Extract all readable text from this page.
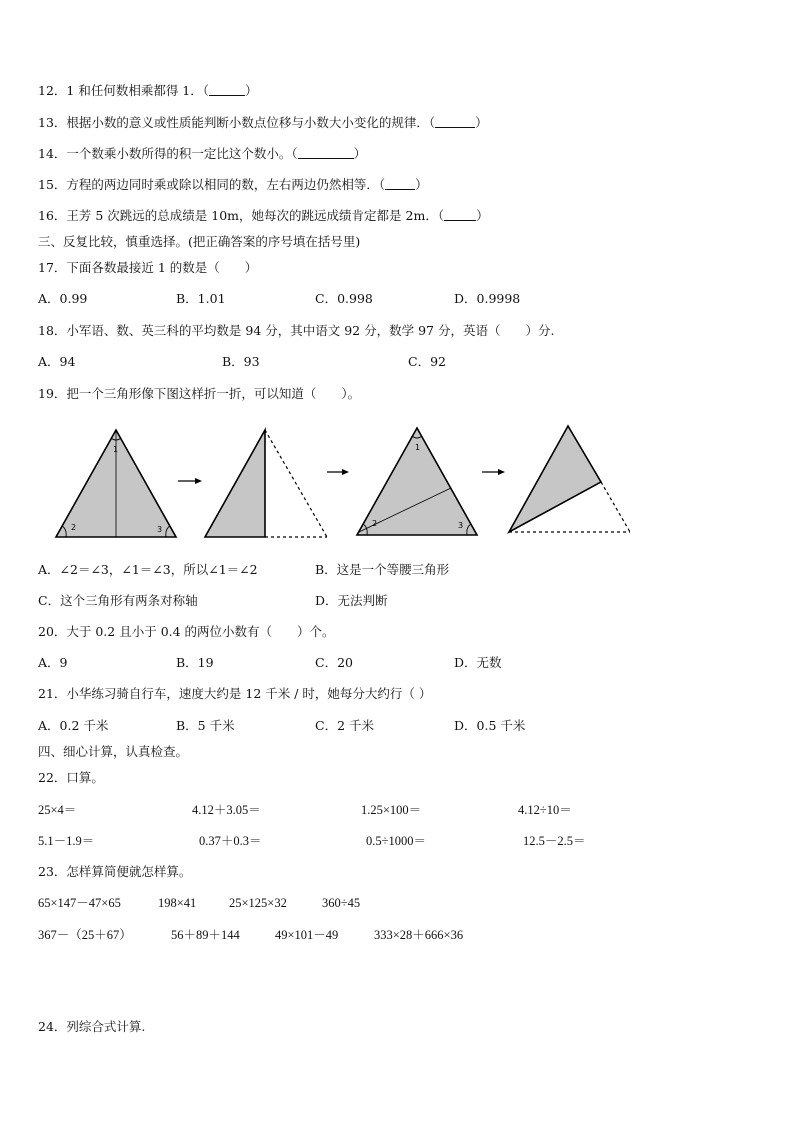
12．1 和任何数相乘都得 1．（	）
13．根据小数的意义或性质能判断小数点位移与小数大小变化的规律．（	）
14．一个数乘小数所得的积一定比这个数小。（	）
15．方程的两边同时乘或除以相同的数，左右两边仍然相等．（ ）
16．王芳 5 次跳远的总成绩是 10m，她每次的跳远成绩肯定都是 2m．（	）
三、反复比较，慎重选择。(把正确答案的序号填在括号里)
17．下面各数最接近 1 的数是（　　）
A．0.99	B．1.01	C．0.998	D．0.9998
18．小军语、数、英三科的平均数是 94 分，其中语文 92 分，数学 97 分，英语（　　）分.
A．94	B．93	C．92
19．把一个三角形像下图这样折一折，可以知道（　　）。
1
2	3
1
2	3
A．∠2＝∠3，∠1＝∠3，所以∠1＝∠2	B．这是一个等腰三角形
C．这个三角形有两条对称轴	D．无法判断
20．大于 0.2 且小于 0.4 的两位小数有（　　）个。
A．9	B．19	C．20	D．无数
21．小华练习骑自行车，速度大约是 12 千米 / 时，她每分大约行（ ）
A．0.2 千米	B．5 千米	C．2 千米	D．0.5 千米
四、细心计算，认真检查。
22．口算。
25×4＝	4.12＋3.05＝	1.25×100＝	4.12÷10＝
5.1－1.9＝	0.37＋0.3＝	0.5÷1000＝	12.5－2.5＝
23．怎样算简便就怎样算。
65×147－47×65	198×41	25×125×32	360÷45
367－（25＋67）	56＋89＋144	49×101－49	333×28＋666×36
24．列综合式计算.
